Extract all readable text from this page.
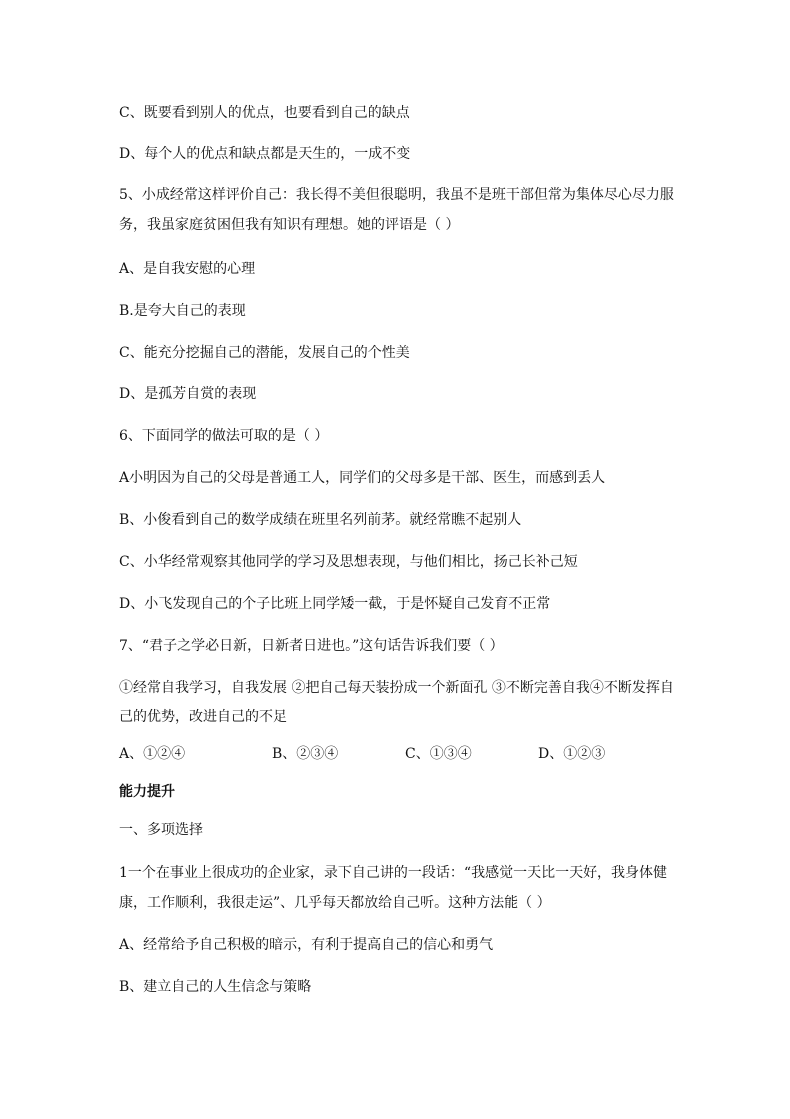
C、既要看到别人的优点，也要看到自己的缺点
D、每个人的优点和缺点都是天生的，一成不变
5、小成经常这样评价自己：我长得不美但很聪明，我虽不是班干部但常为集体尽心尽力服
务，我虽家庭贫困但我有知识有理想。她的评语是（ ）
A、是自我安慰的心理
B.是夸大自己的表现
C、能充分挖掘自己的潜能，发展自己的个性美
D、是孤芳自赏的表现
6、下面同学的做法可取的是（ ）
A小明因为自己的父母是普通工人，同学们的父母多是干部、医生，而感到丢人
B、小俊看到自己的数学成绩在班里名列前茅。就经常瞧不起别人
C、小华经常观察其他同学的学习及思想表现，与他们相比，扬己长补己短
D、小飞发现自己的个子比班上同学矮一截，于是怀疑自己发育不正常
7、“君子之学必日新，日新者日进也。”这句话告诉我们要（ ）
①经常自我学习，自我发展 ②把自己每天装扮成一个新面孔 ③不断完善自我④不断发挥自
己的优势，改进自己的不足
A、①②④	B、②③④	C、①③④	D、①②③
能力提升
一、多项选择
1一个在事业上很成功的企业家，录下自己讲的一段话：“我感觉一天比一天好，我身体健
康，工作顺利，我很走运”、几乎每天都放给自己听。这种方法能（ ）
A、经常给予自己积极的暗示，有利于提高自己的信心和勇气
B、建立自己的人生信念与策略
